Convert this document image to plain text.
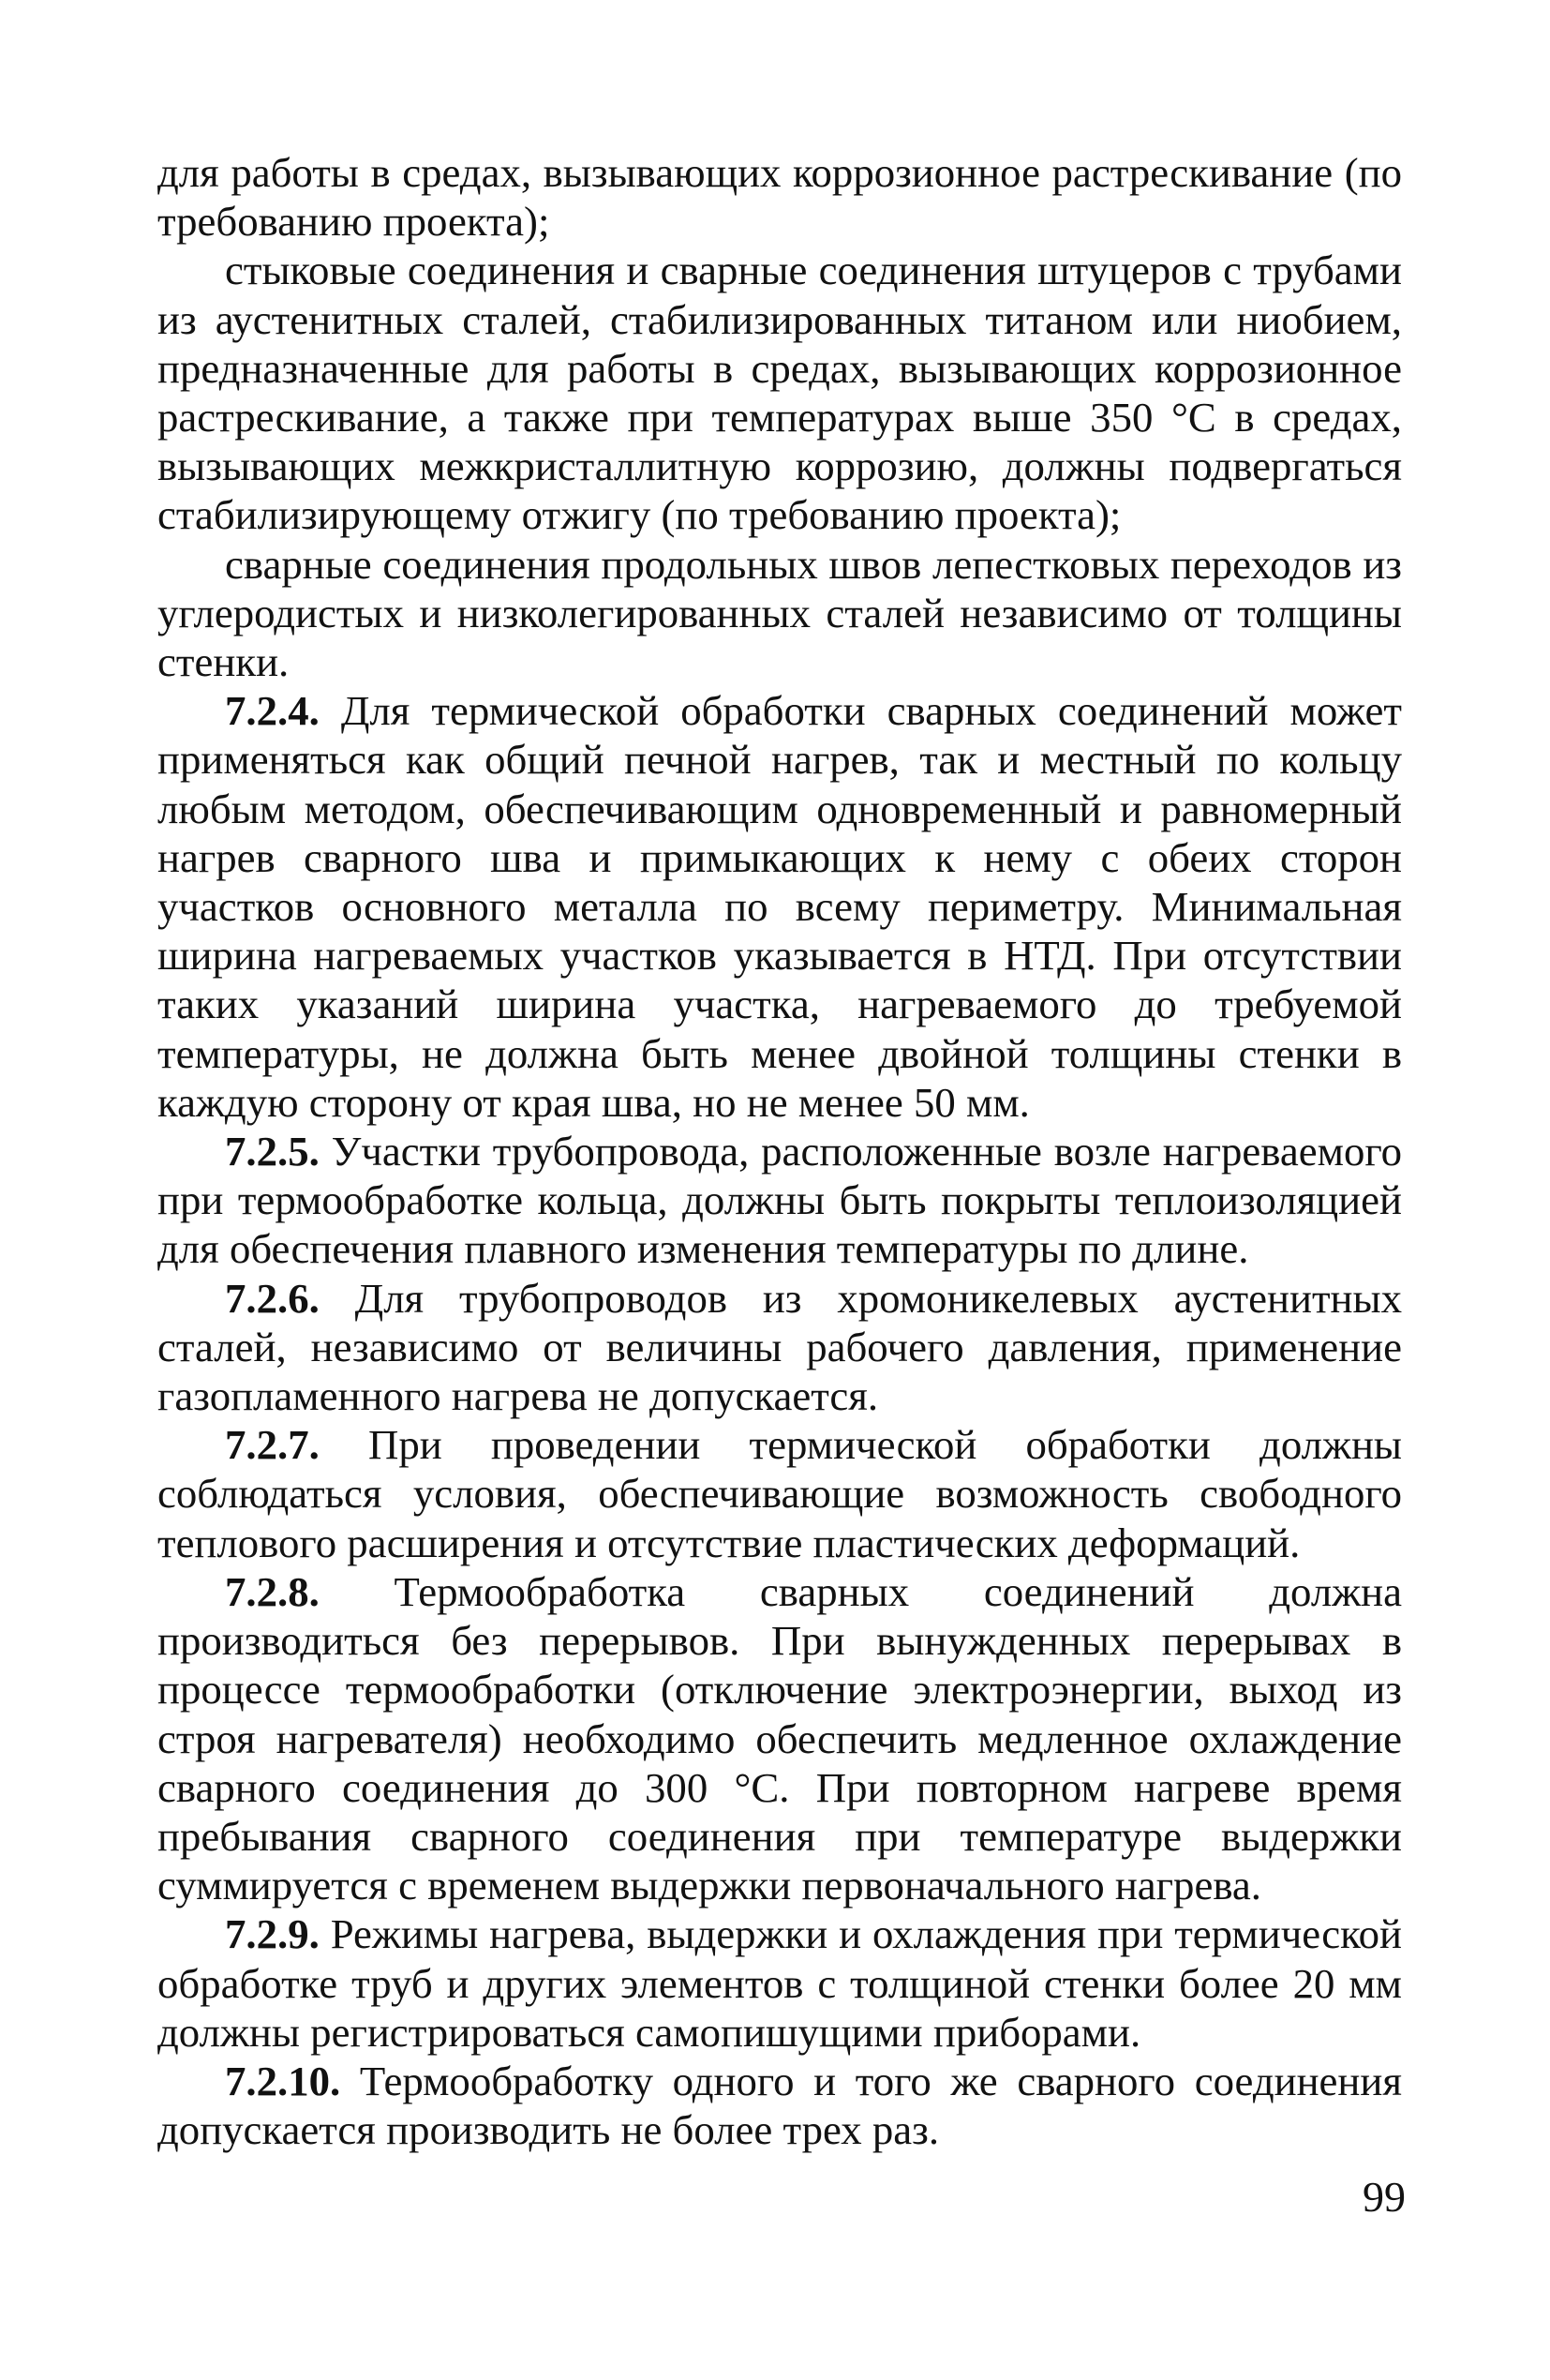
для работы в средах, вызывающих коррозионное растрескивание (по требованию проекта);

стыковые соединения и сварные соединения штуцеров с трубами из аустенитных сталей, стабилизированных титаном или ниобием, предназначенные для работы в средах, вызывающих коррозионное растрескивание, а также при температурах выше 350 °С в средах, вызывающих межкристаллитную коррозию, должны подвергаться стабилизирующему отжигу (по требованию проекта);

сварные соединения продольных швов лепестковых переходов из углеродистых и низколегированных сталей независимо от толщины стенки.

7.2.4. Для термической обработки сварных соединений может применяться как общий печной нагрев, так и местный по кольцу любым методом, обеспечивающим одновременный и равномерный нагрев сварного шва и примыкающих к нему с обеих сторон участков основного металла по всему периметру. Минимальная ширина нагреваемых участков указывается в НТД. При отсутствии таких указаний ширина участка, нагреваемого до требуемой температуры, не должна быть менее двойной толщины стенки в каждую сторону от края шва, но не менее 50 мм.

7.2.5. Участки трубопровода, расположенные возле нагреваемого при термообработке кольца, должны быть покрыты теплоизоляцией для обеспечения плавного изменения температуры по длине.

7.2.6. Для трубопроводов из хромоникелевых аустенитных сталей, независимо от величины рабочего давления, применение газопламенного нагрева не допускается.

7.2.7. При проведении термической обработки должны соблюдаться условия, обеспечивающие возможность свободного теплового расширения и отсутствие пластических деформаций.

7.2.8. Термообработка сварных соединений должна производиться без перерывов. При вынужденных перерывах в процессе термообработки (отключение электроэнергии, выход из строя нагревателя) необходимо обеспечить медленное охлаждение сварного соединения до 300 °С. При повторном нагреве время пребывания сварного соединения при температуре выдержки суммируется с временем выдержки первоначального нагрева.

7.2.9. Режимы нагрева, выдержки и охлаждения при термической обработке труб и других элементов с толщиной стенки более 20 мм должны регистрироваться самопишущими приборами.

7.2.10. Термообработку одного и того же сварного соединения допускается производить не более трех раз.

99
